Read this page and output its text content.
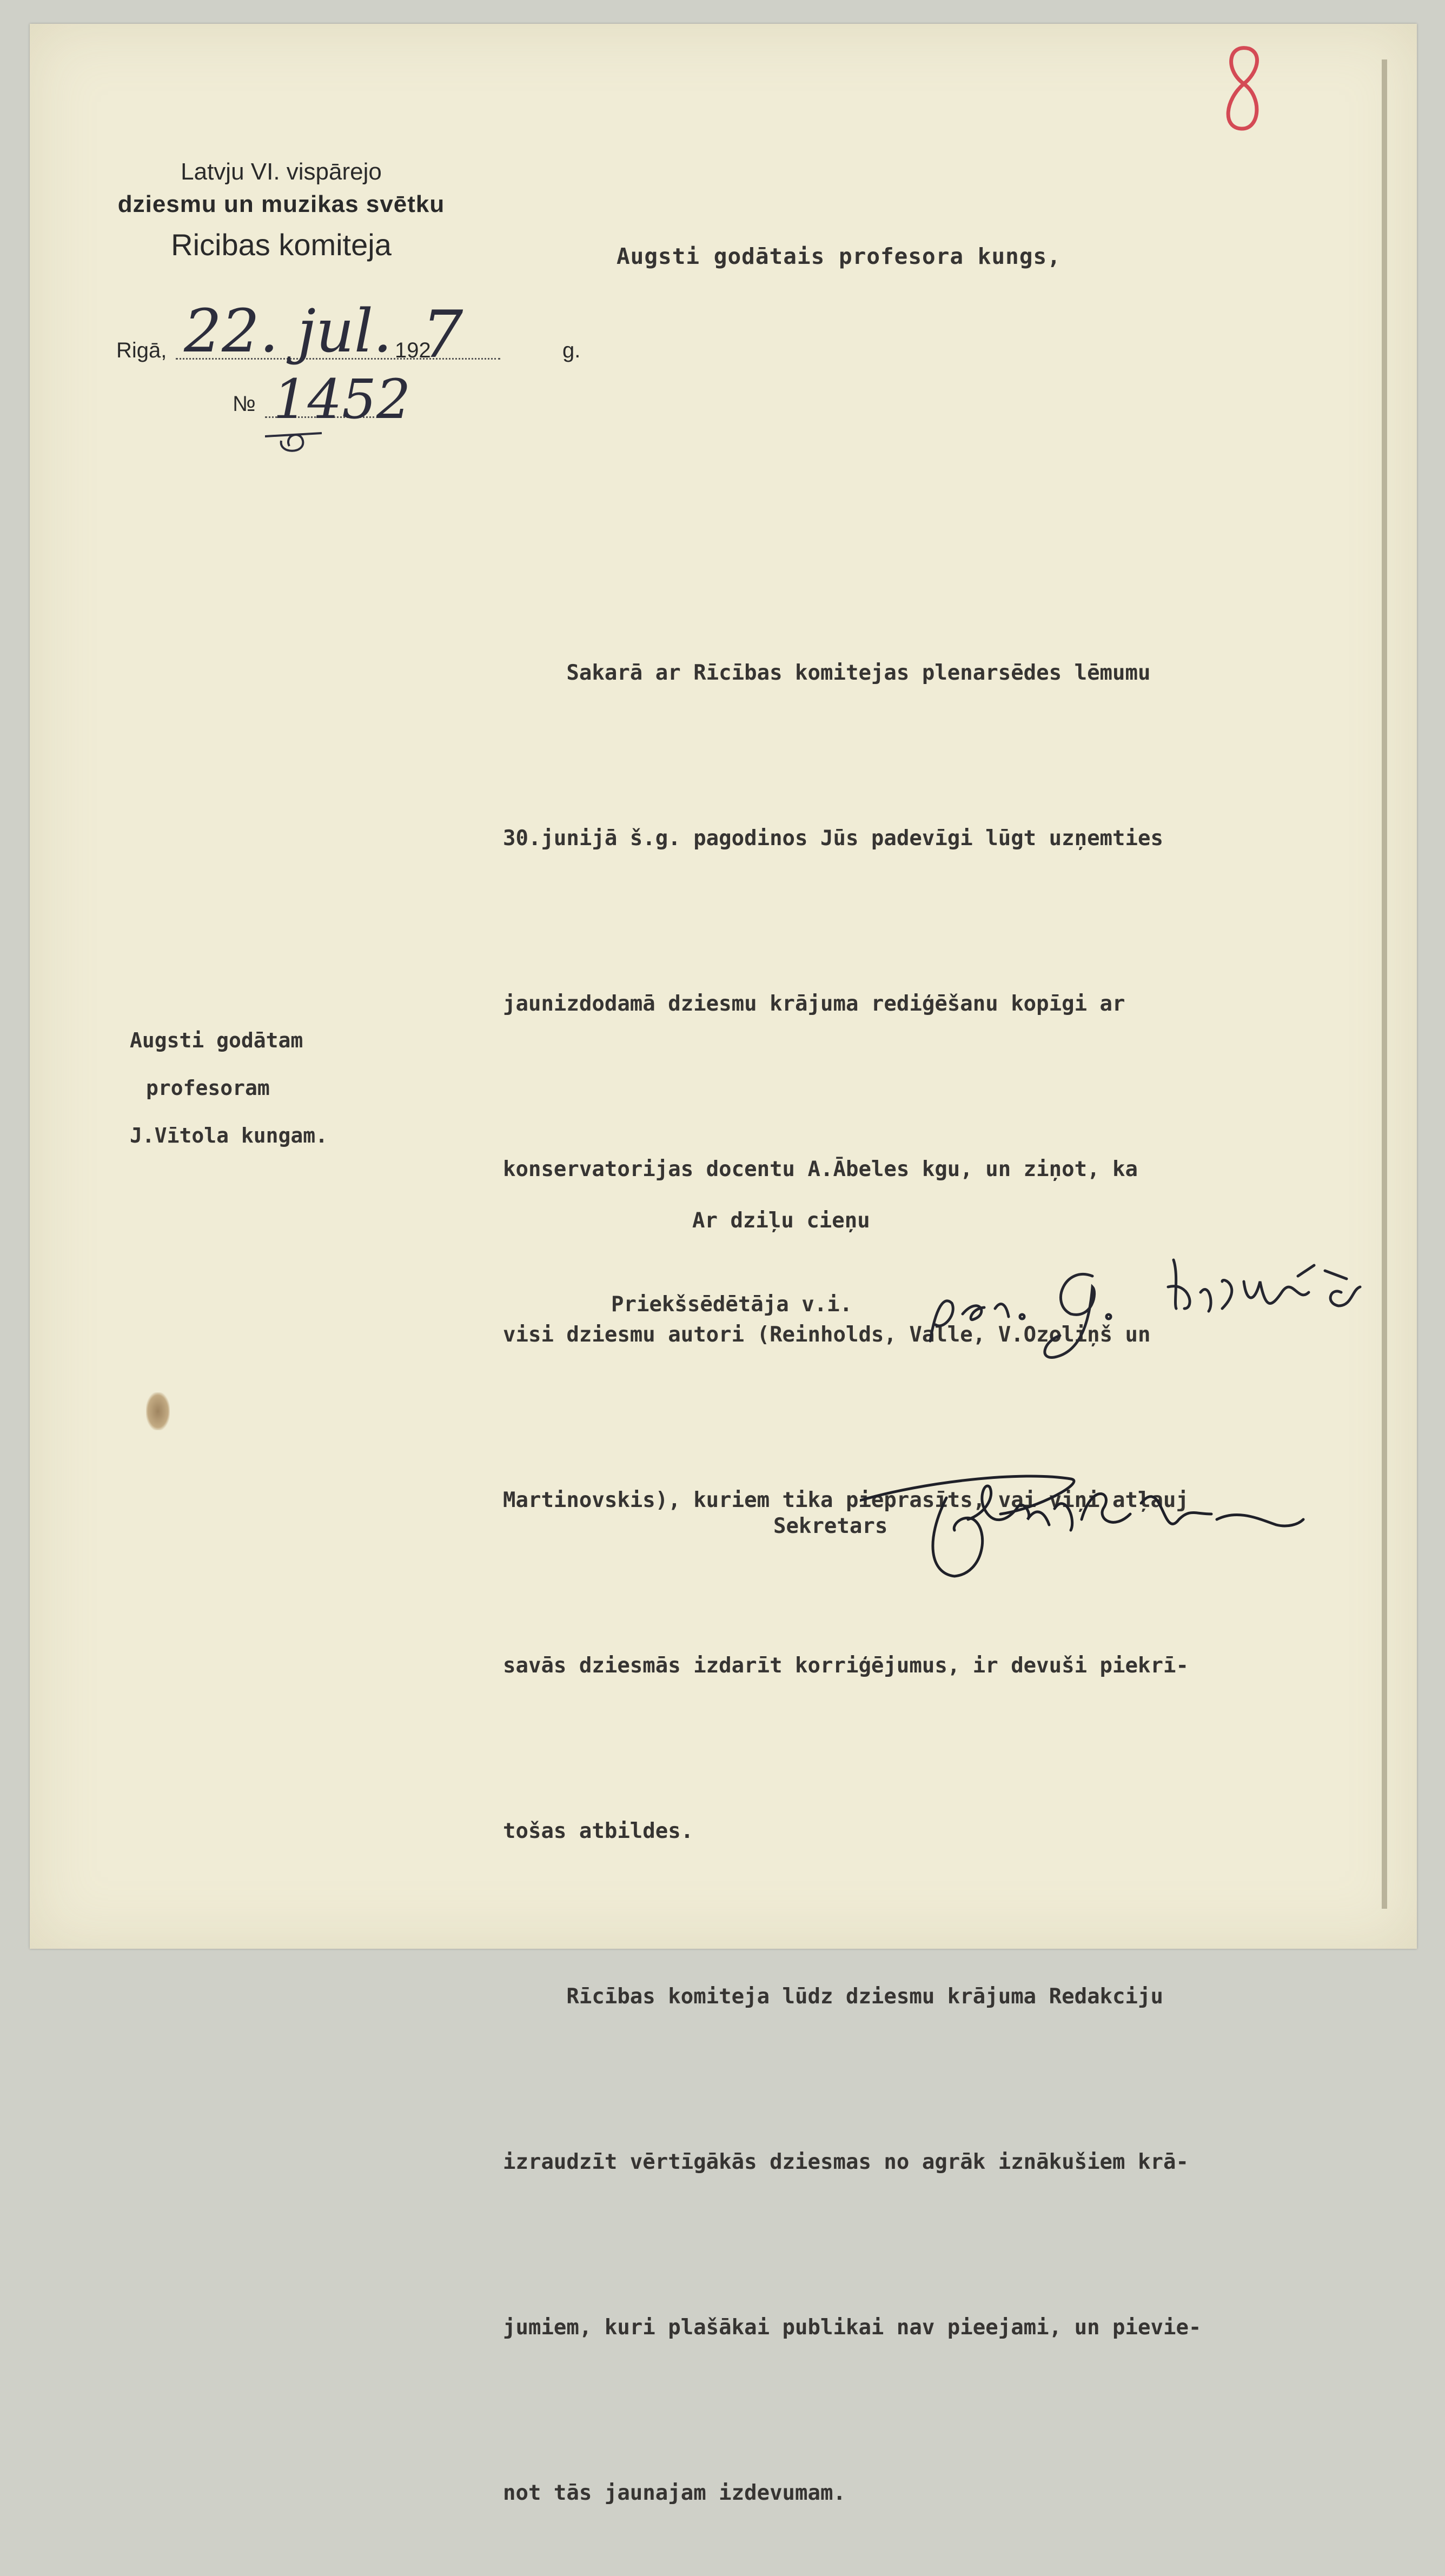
Latvju VI. vispārejo
dziesmu un muzikas svētku
Ricibas komiteja
Rigā,	192	g.
22. jul. 7
№ 1452
Augsti godātais profesora kungs,

Sakarā ar Rīcības komitejas plenarsēdes lēmumu

30.junijā š.g. pagodinos Jūs padevīgi lūgt uzņemties

jaunizdodamā dziesmu krājuma rediģēšanu kopīgi ar

konservatorijas docentu A.Ābeles kgu, un ziņot, ka

visi dziesmu autori (Reinholds, Valle, V.Ozoliņš un

Martinovskis), kuriem tika pieprasīts, vai viņi atļauj

savās dziesmās izdarīt korriģējumus, ir devuši piekrī-

tošas atbildes.

Rīcības komiteja lūdz dziesmu krājuma Redakciju

izraudzīt vērtīgākās dziesmas no agrāk iznākušiem krā-

jumiem, kuri plašākai publikai nav pieejami, un pievie-

not tās jaunajam izdevumam.

Augsti godātam
profesoram
J.Vītola kungam.
Ar dziļu cieņu
Priekšsēdētāja v.i.
Sekretars
